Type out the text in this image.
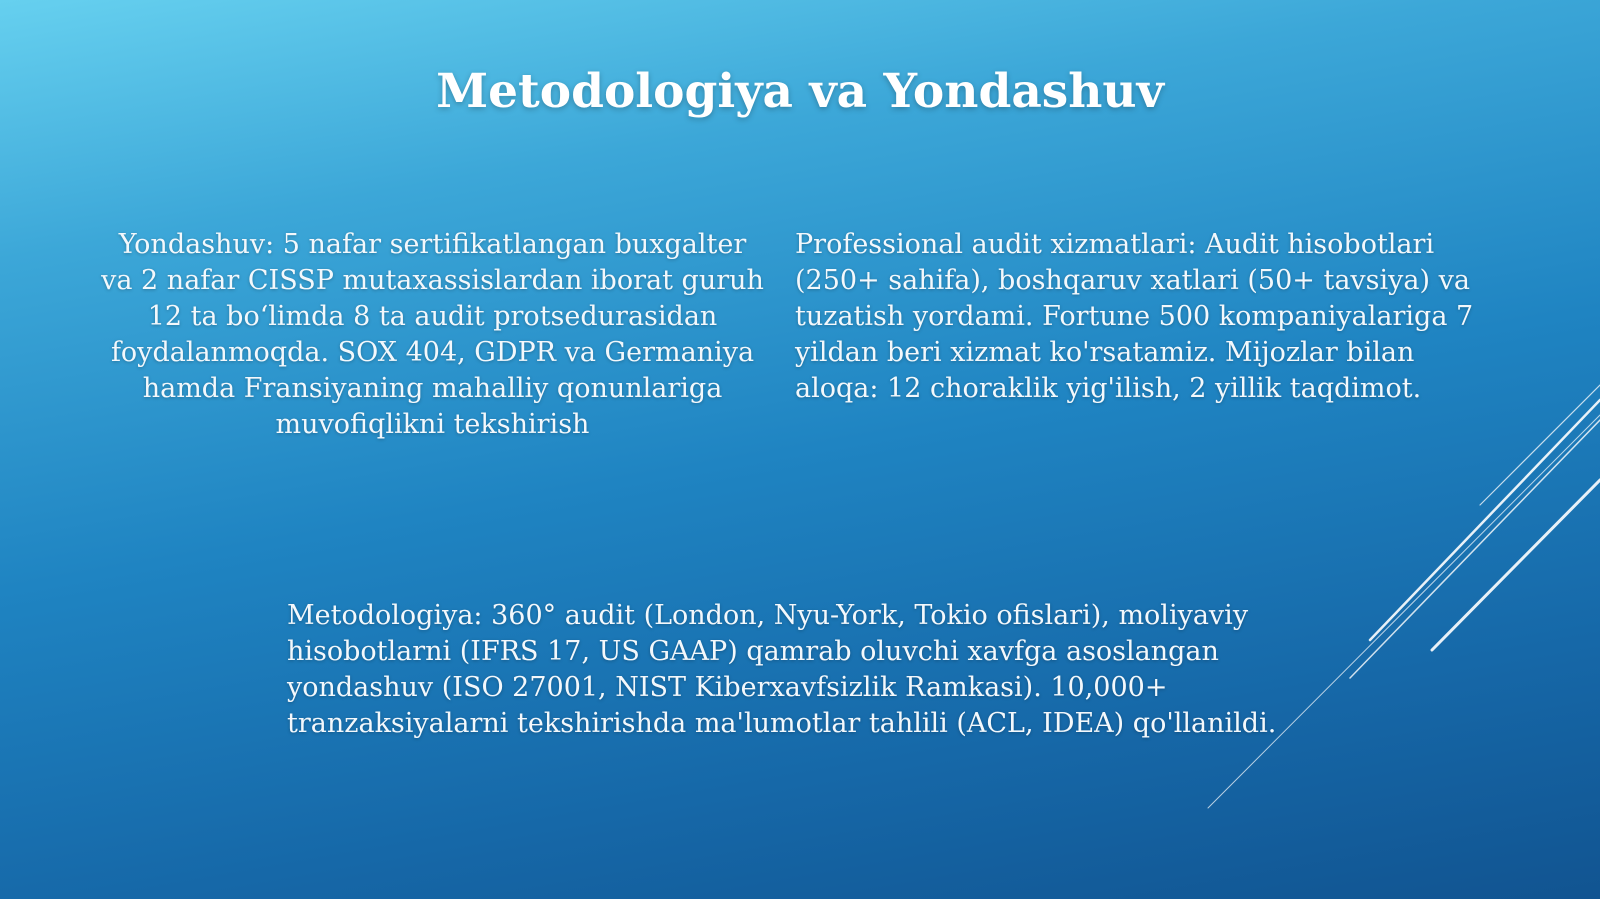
Metodologiya va Yondashuv

Yondashuv: 5 nafar sertifikatlangan buxgalter va 2 nafar CISSP mutaxassislardan iborat guruh 12 ta bo‘limda 8 ta audit protsedurasidan foydalanmoqda. SOX 404, GDPR va Germaniya hamda Fransiyaning mahalliy qonunlariga muvofiqlikni tekshirish

Professional audit xizmatlari: Audit hisobotlari (250+ sahifa), boshqaruv xatlari (50+ tavsiya) va tuzatish yordami. Fortune 500 kompaniyalariga 7 yildan beri xizmat ko'rsatamiz. Mijozlar bilan aloqa: 12 choraklik yig'ilish, 2 yillik taqdimot.

Metodologiya: 360° audit (London, Nyu-York, Tokio ofislari), moliyaviy hisobotlarni (IFRS 17, US GAAP) qamrab oluvchi xavfga asoslangan yondashuv (ISO 27001, NIST Kiberxavfsizlik Ramkasi). 10,000+ tranzaksiyalarni tekshirishda ma'lumotlar tahlili (ACL, IDEA) qo'llanildi.
